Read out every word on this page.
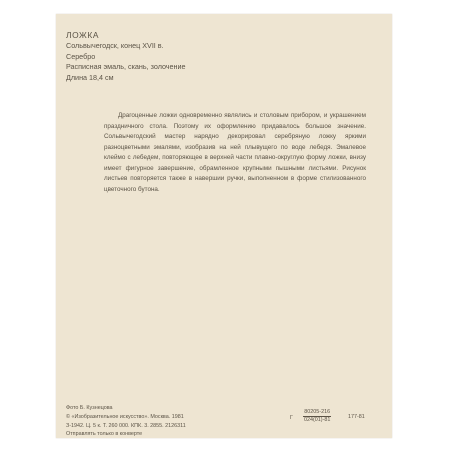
ЛОЖКА
Сольвычегодск, конец XVII в.
Серебро
Расписная эмаль, скань, золочение
Длина 18,4 см

Драгоценные ложки одновременно являлись и столовым прибором, и украшением праздничного стола. Поэтому их оформлению придавалось большое значение. Сольвычегодский мастер нарядно декорировал серебряную ложку яркими разноцветными эмалями, изобразив на ней плывущего по воде лебедя. Эмалевое клеймо с лебедем, повторяющее в верхней части плавно-округлую форму ложки, внизу имеет фигурное завершение, обрамленное крупными пышными листьями. Рисунок листьев повторяется также в навершии ручки, выполненном в форме стилизованного цветочного бутона.

Фото Б. Кузнецова
© «Изобразительное искусство». Москва. 1981
З-1942. Ц. 5 к. Т. 260 000. КПК. 3. 2855. 2126311
Отправлять только в конверте
Г $\frac{80205-216}{024(01)-81}$	177-81
